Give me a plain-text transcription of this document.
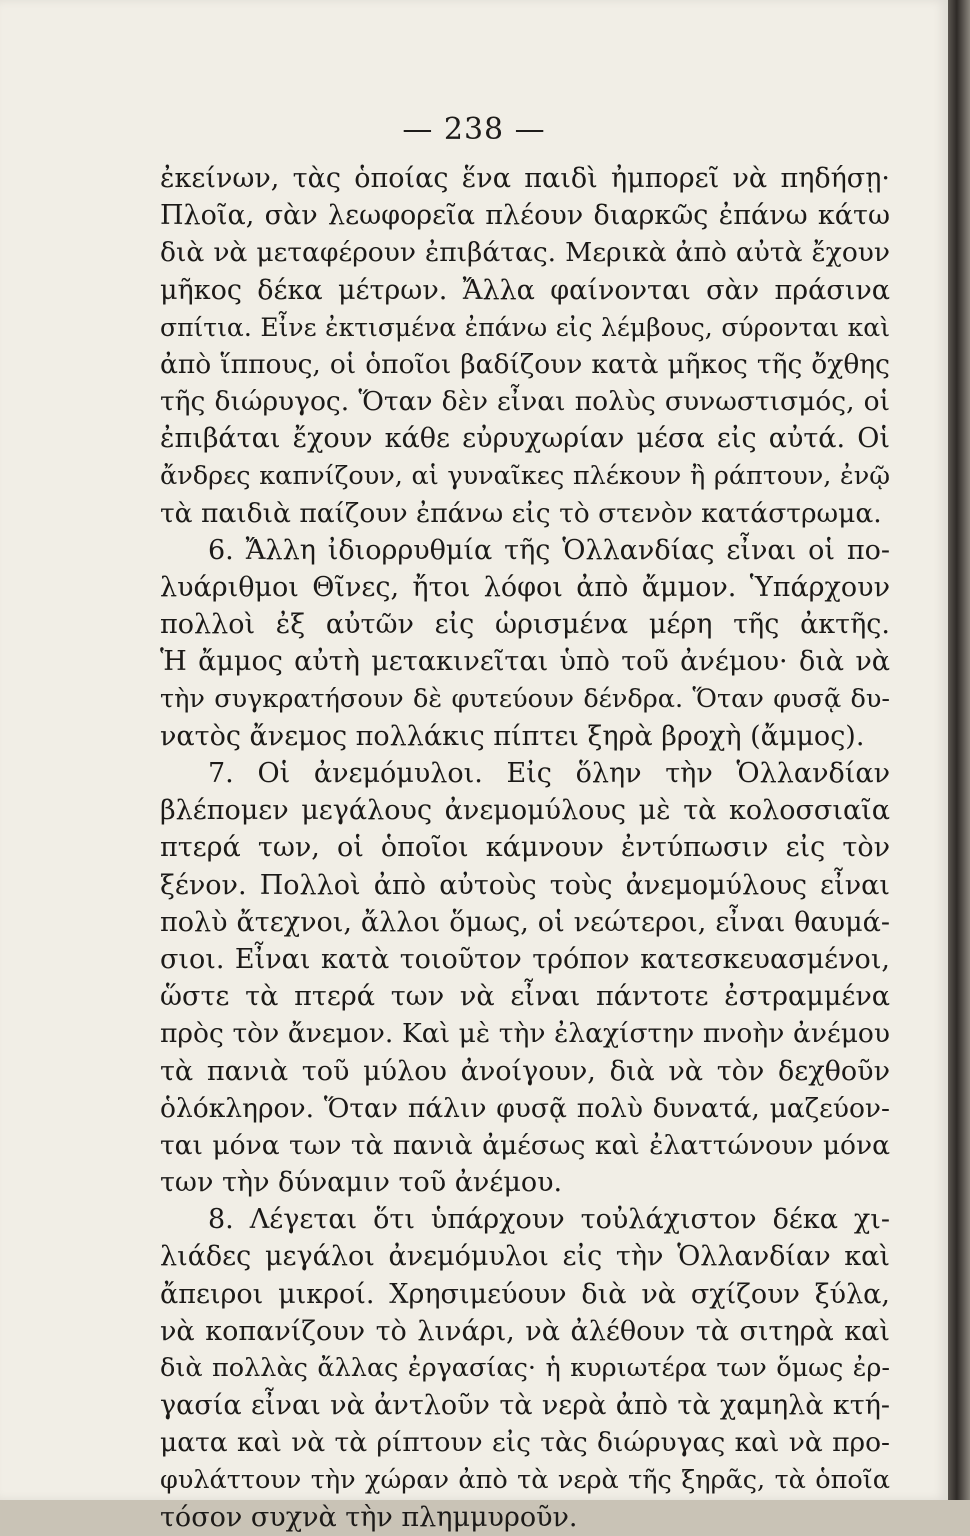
— 238 —
ἐκείνων, τὰς ὁποίας ἕνα παιδὶ ἠμπορεῖ νὰ πηδήσῃ·
Πλοῖα, σὰν λεωφορεῖα πλέουν διαρκῶς ἐπάνω κάτω
διὰ νὰ μεταφέρουν ἐπιβάτας. Μερικὰ ἀπὸ αὐτὰ ἔχουν
μῆκος δέκα μέτρων. Ἄλλα φαίνονται σὰν πράσινα
σπίτια. Εἶνε ἐκτισμένα ἐπάνω εἰς λέμβους, σύρονται καὶ
ἀπὸ ἵππους, οἱ ὁποῖοι βαδίζουν κατὰ μῆκος τῆς ὄχθης
τῆς διώρυγος. Ὅταν δὲν εἶναι πολὺς συνωστισμός, οἱ
ἐπιβάται ἔχουν κάθε εὐρυχωρίαν μέσα εἰς αὐτά. Οἱ
ἄνδρες καπνίζουν, αἱ γυναῖκες πλέκουν ἢ ράπτουν, ἐνῷ
τὰ παιδιὰ παίζουν ἐπάνω εἰς τὸ στενὸν κατάστρωμα.
6. Ἄλλη ἰδιορρυθμία τῆς Ὁλλανδίας εἶναι οἱ πο-
λυάριθμοι Θῖνες, ἤτοι λόφοι ἀπὸ ἄμμον. Ὑπάρχουν
πολλοὶ ἐξ αὐτῶν εἰς ὡρισμένα μέρη τῆς ἀκτῆς.
Ἡ ἄμμος αὐτὴ μετακινεῖται ὑπὸ τοῦ ἀνέμου· διὰ νὰ
τὴν συγκρατήσουν δὲ φυτεύουν δένδρα. Ὅταν φυσᾷ δυ-
νατὸς ἄνεμος πολλάκις πίπτει ξηρὰ βροχὴ (ἄμμος).
7. Οἱ ἀνεμόμυλοι. Εἰς ὅλην τὴν Ὁλλανδίαν
βλέπομεν μεγάλους ἀνεμομύλους μὲ τὰ κολοσσιαῖα
πτερά των, οἱ ὁποῖοι κάμνουν ἐντύπωσιν εἰς τὸν
ξένον. Πολλοὶ ἀπὸ αὐτοὺς τοὺς ἀνεμομύλους εἶναι
πολὺ ἄτεχνοι, ἄλλοι ὅμως, οἱ νεώτεροι, εἶναι θαυμά-
σιοι. Εἶναι κατὰ τοιοῦτον τρόπον κατεσκευασμένοι,
ὥστε τὰ πτερά των νὰ εἶναι πάντοτε ἐστραμμένα
πρὸς τὸν ἄνεμον. Καὶ μὲ τὴν ἐλαχίστην πνοὴν ἀνέμου
τὰ πανιὰ τοῦ μύλου ἀνοίγουν, διὰ νὰ τὸν δεχθοῦν
ὁλόκληρον. Ὅταν πάλιν φυσᾷ πολὺ δυνατά, μαζεύον-
ται μόνα των τὰ πανιὰ ἀμέσως καὶ ἐλαττώνουν μόνα
των τὴν δύναμιν τοῦ ἀνέμου.
8. Λέγεται ὅτι ὑπάρχουν τοὐλάχιστον δέκα χι-
λιάδες μεγάλοι ἀνεμόμυλοι εἰς τὴν Ὁλλανδίαν καὶ
ἄπειροι μικροί. Χρησιμεύουν διὰ νὰ σχίζουν ξύλα,
νὰ κοπανίζουν τὸ λινάρι, νὰ ἀλέθουν τὰ σιτηρὰ καὶ
διὰ πολλὰς ἄλλας ἐργασίας· ἡ κυριωτέρα των ὅμως ἐρ-
γασία εἶναι νὰ ἀντλοῦν τὰ νερὰ ἀπὸ τὰ χαμηλὰ κτή-
ματα καὶ νὰ τὰ ρίπτουν εἰς τὰς διώρυγας καὶ νὰ προ-
φυλάττουν τὴν χώραν ἀπὸ τὰ νερὰ τῆς ξηρᾶς, τὰ ὁποῖα
τόσον συχνὰ τὴν πλημμυροῦν.
